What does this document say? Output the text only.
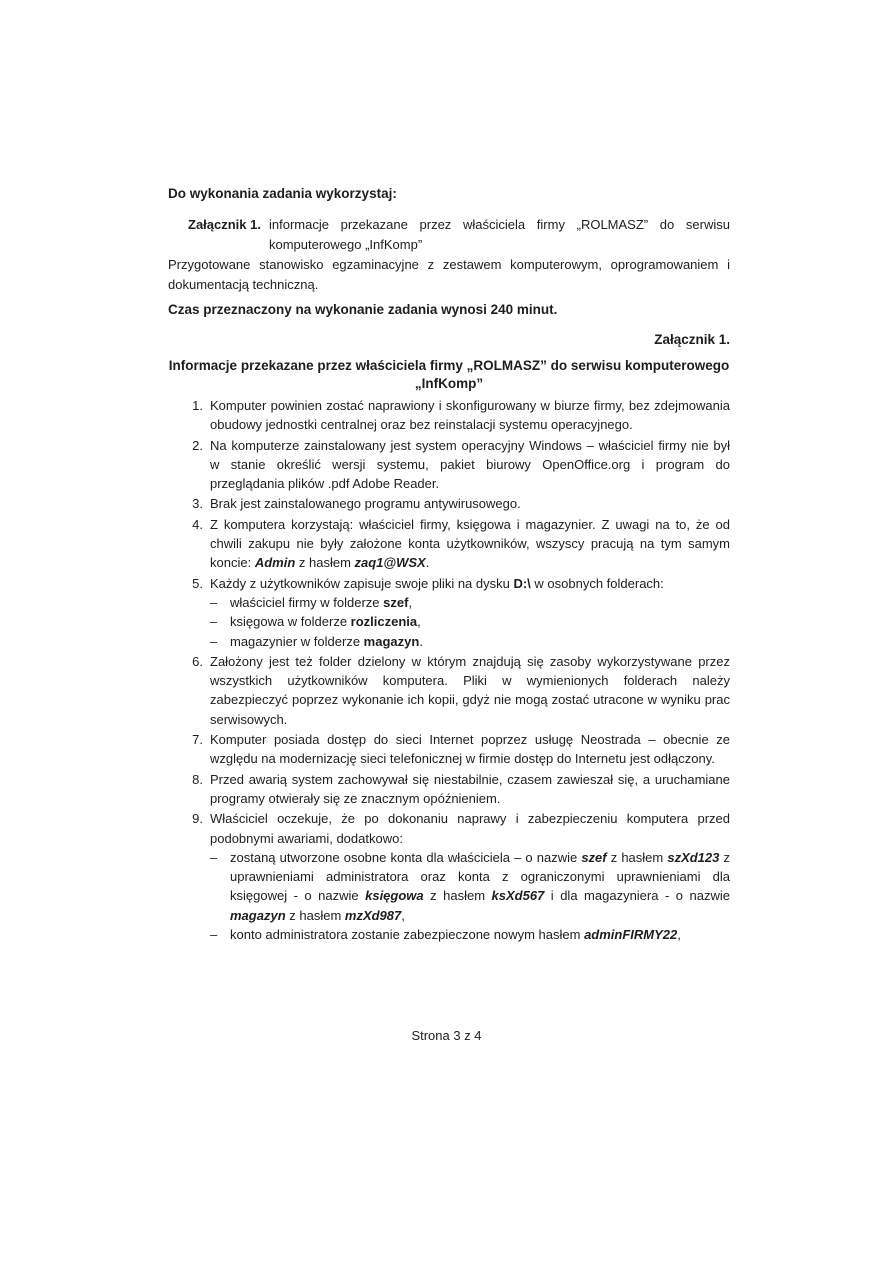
Do wykonania zadania wykorzystaj:

Załącznik 1. informacje przekazane przez właściciela firmy „ROLMASZ” do serwisu komputerowego „InfKomp”

Przygotowane stanowisko egzaminacyjne z zestawem komputerowym, oprogramowaniem i dokumentacją techniczną.

Czas przeznaczony na wykonanie zadania wynosi 240 minut.

Załącznik 1.

Informacje przekazane przez właściciela firmy „ROLMASZ” do serwisu komputerowego „InfKomp”

1. Komputer powinien zostać naprawiony i skonfigurowany w biurze firmy, bez zdejmowania obudowy jednostki centralnej oraz bez reinstalacji systemu operacyjnego.
2. Na komputerze zainstalowany jest system operacyjny Windows – właściciel firmy nie był w stanie określić wersji systemu, pakiet biurowy OpenOffice.org i program do przeglądania plików .pdf Adobe Reader.
3. Brak jest zainstalowanego programu antywirusowego.
4. Z komputera korzystają: właściciel firmy, księgowa i magazynier. Z uwagi na to, że od chwili zakupu nie były założone konta użytkowników, wszyscy pracują na tym samym koncie: Admin z hasłem zaq1@WSX.
5. Każdy z użytkowników zapisuje swoje pliki na dysku D:\ w osobnych folderach:
– właściciel firmy w folderze szef,
– księgowa w folderze rozliczenia,
– magazynier w folderze magazyn.
6. Założony jest też folder dzielony w którym znajdują się zasoby wykorzystywane przez wszystkich użytkowników komputera. Pliki w wymienionych folderach należy zabezpieczyć poprzez wykonanie ich kopii, gdyż nie mogą zostać utracone w wyniku prac serwisowych.
7. Komputer posiada dostęp do sieci Internet poprzez usługę Neostrada – obecnie ze względu na modernizację sieci telefonicznej w firmie dostęp do Internetu jest odłączony.
8. Przed awarią system zachowywał się niestabilnie, czasem zawieszał się, a uruchamiane programy otwierały się ze znacznym opóźnieniem.
9. Właściciel oczekuje, że po dokonaniu naprawy i zabezpieczeniu komputera przed podobnymi awariami, dodatkowo:
– zostaną utworzone osobne konta dla właściciela – o nazwie szef z hasłem szXd123 z uprawnieniami administratora oraz konta z ograniczonymi uprawnieniami dla księgowej - o nazwie księgowa z hasłem ksXd567 i dla magazyniera - o nazwie magazyn z hasłem mzXd987,
– konto administratora zostanie zabezpieczone nowym hasłem adminFIRMY22,

Strona 3 z 4
